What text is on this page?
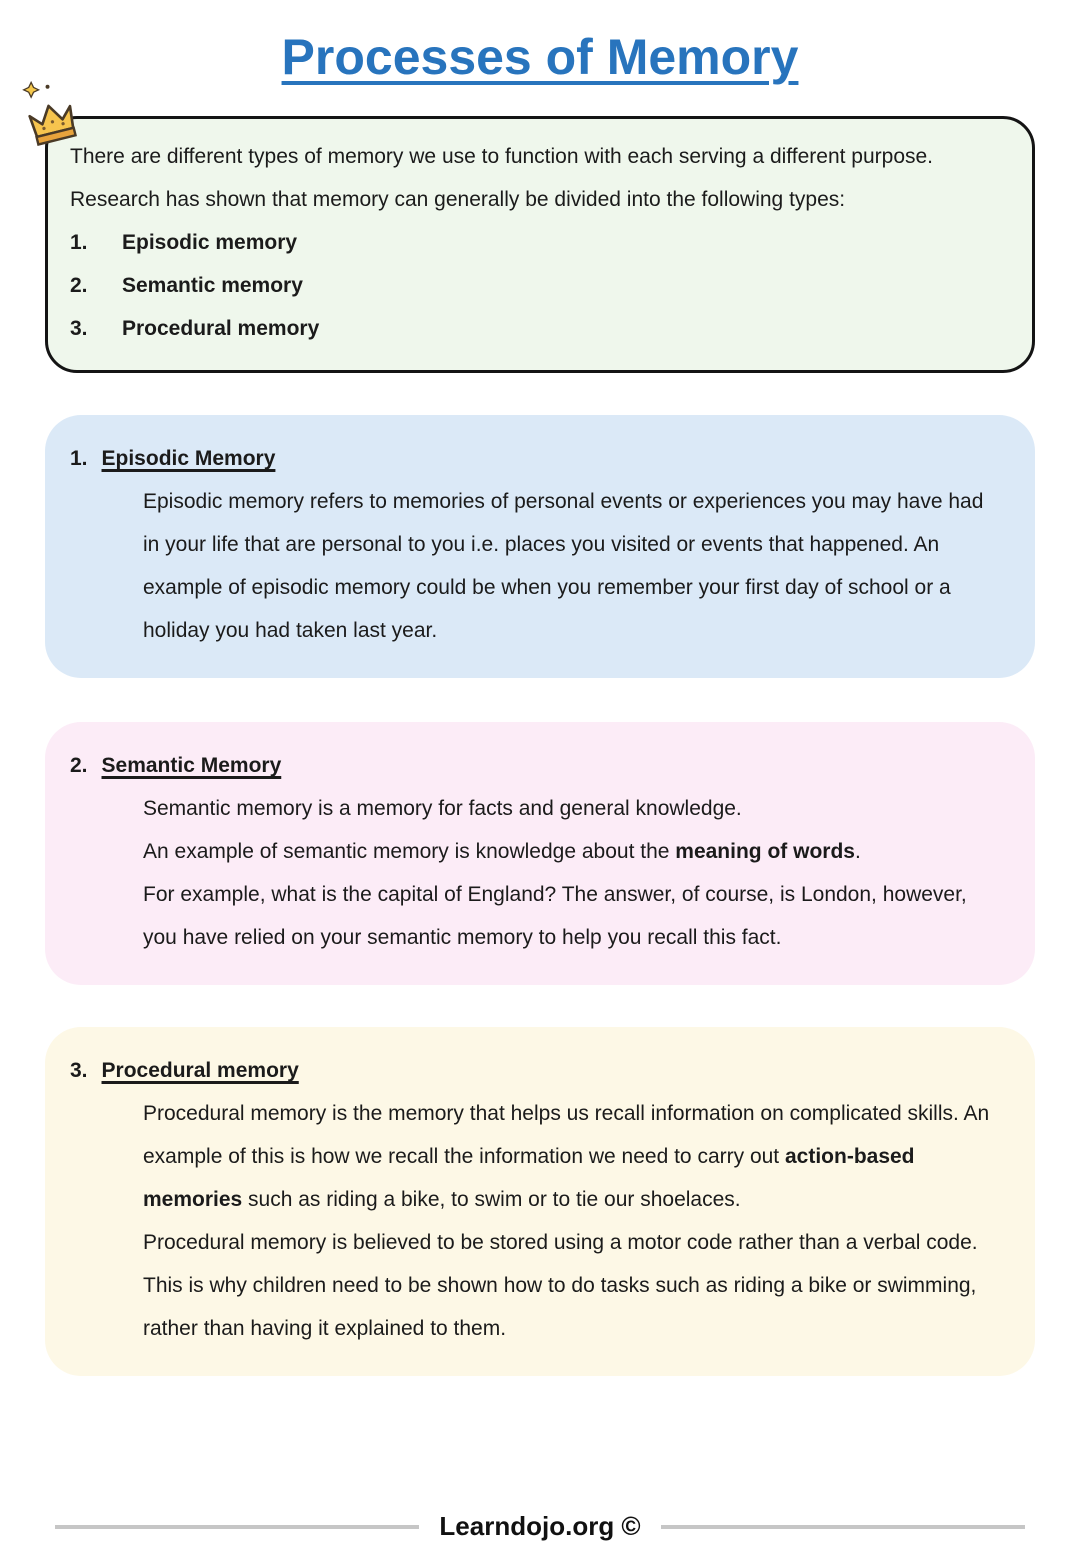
Processes of Memory

There are different types of memory we use to function with each serving a different purpose.

Research has shown that memory can generally be divided into the following types:

1.	Episodic memory
2.	Semantic memory
3.	Procedural memory
1. Episodic Memory

Episodic memory refers to memories of personal events or experiences you may have had in your life that are personal to you i.e. places you visited or events that happened. An example of episodic memory could be when you remember your first day of school or a holiday you had taken last year.

2. Semantic Memory

Semantic memory is a memory for facts and general knowledge.

An example of semantic memory is knowledge about the meaning of words.

For example, what is the capital of England? The answer, of course, is London, however, you have relied on your semantic memory to help you recall this fact.

3. Procedural memory

Procedural memory is the memory that helps us recall information on complicated skills. An example of this is how we recall the information we need to carry out action-based memories such as riding a bike, to swim or to tie our shoelaces.

Procedural memory is believed to be stored using a motor code rather than a verbal code. This is why children need to be shown how to do tasks such as riding a bike or swimming, rather than having it explained to them.

Learndojo.org ©
